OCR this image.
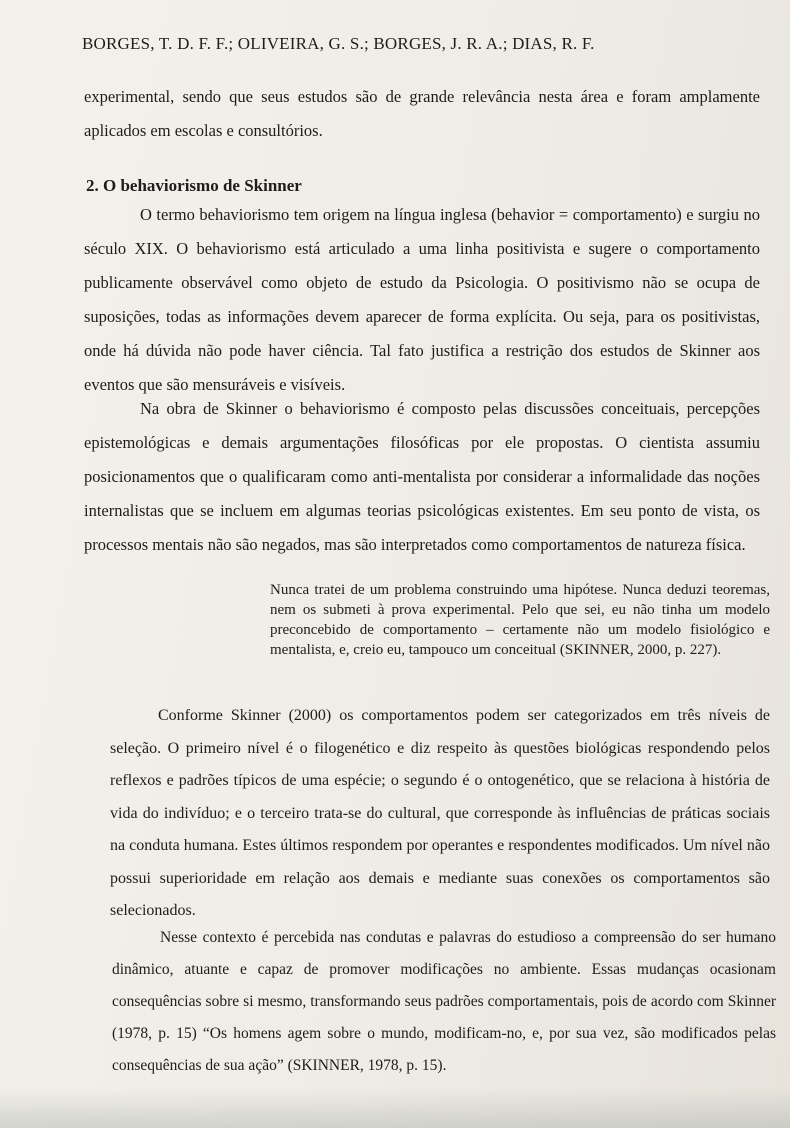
BORGES, T. D. F. F.; OLIVEIRA, G. S.; BORGES, J. R. A.; DIAS, R. F.

experimental, sendo que seus estudos são de grande relevância nesta área e foram amplamente aplicados em escolas e consultórios.

2. O behaviorismo de Skinner

O termo behaviorismo tem origem na língua inglesa (behavior = comportamento) e surgiu no século XIX. O behaviorismo está articulado a uma linha positivista e sugere o comportamento publicamente observável como objeto de estudo da Psicologia. O positivismo não se ocupa de suposições, todas as informações devem aparecer de forma explícita. Ou seja, para os positivistas, onde há dúvida não pode haver ciência. Tal fato justifica a restrição dos estudos de Skinner aos eventos que são mensuráveis e visíveis.

Na obra de Skinner o behaviorismo é composto pelas discussões conceituais, percepções epistemológicas e demais argumentações filosóficas por ele propostas. O cientista assumiu posicionamentos que o qualificaram como anti-mentalista por considerar a informalidade das noções internalistas que se incluem em algumas teorias psicológicas existentes. Em seu ponto de vista, os processos mentais não são negados, mas são interpretados como comportamentos de natureza física.

Nunca tratei de um problema construindo uma hipótese. Nunca deduzi teoremas, nem os submeti à prova experimental. Pelo que sei, eu não tinha um modelo preconcebido de comportamento – certamente não um modelo fisiológico e mentalista, e, creio eu, tampouco um conceitual (SKINNER, 2000, p. 227).

Conforme Skinner (2000) os comportamentos podem ser categorizados em três níveis de seleção. O primeiro nível é o filogenético e diz respeito às questões biológicas respondendo pelos reflexos e padrões típicos de uma espécie; o segundo é o ontogenético, que se relaciona à história de vida do indivíduo; e o terceiro trata-se do cultural, que corresponde às influências de práticas sociais na conduta humana. Estes últimos respondem por operantes e respondentes modificados. Um nível não possui superioridade em relação aos demais e mediante suas conexões os comportamentos são selecionados.

Nesse contexto é percebida nas condutas e palavras do estudioso a compreensão do ser humano dinâmico, atuante e capaz de promover modificações no ambiente. Essas mudanças ocasionam consequências sobre si mesmo, transformando seus padrões comportamentais, pois de acordo com Skinner (1978, p. 15) “Os homens agem sobre o mundo, modificam-no, e, por sua vez, são modificados pelas consequências de sua ação” (SKINNER, 1978, p. 15).
